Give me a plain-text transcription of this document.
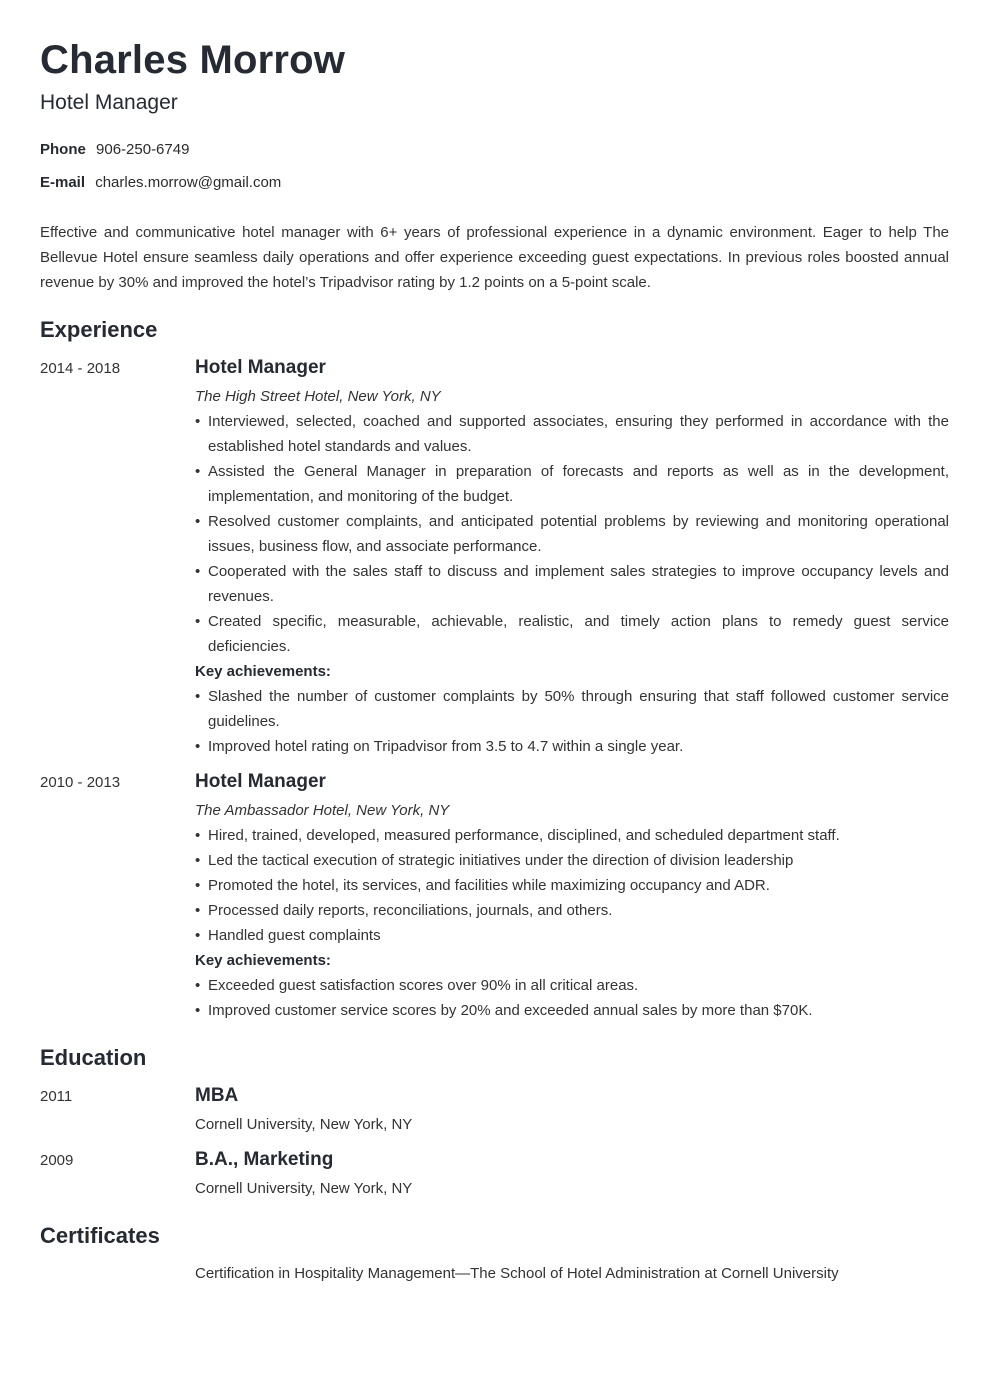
Charles Morrow
Hotel Manager
Phone 906-250-6749
E-mail charles.morrow@gmail.com
Effective and communicative hotel manager with 6+ years of professional experience in a dynamic environment. Eager to help The Bellevue Hotel ensure seamless daily operations and offer experience exceeding guest expectations. In previous roles boosted annual revenue by 30% and improved the hotel’s Tripadvisor rating by 1.2 points on a 5-point scale.
Experience
2014 - 2018	Hotel Manager
The High Street Hotel, New York, NY
• Interviewed, selected, coached and supported associates, ensuring they performed in accordance with the established hotel standards and values.
• Assisted the General Manager in preparation of forecasts and reports as well as in the development, implementation, and monitoring of the budget.
• Resolved customer complaints, and anticipated potential problems by reviewing and monitoring operational issues, business flow, and associate performance.
• Cooperated with the sales staff to discuss and implement sales strategies to improve occupancy levels and revenues.
• Created specific, measurable, achievable, realistic, and timely action plans to remedy guest service deficiencies.
Key achievements:
• Slashed the number of customer complaints by 50% through ensuring that staff followed customer service guidelines.
• Improved hotel rating on Tripadvisor from 3.5 to 4.7 within a single year.
2010 - 2013	Hotel Manager
The Ambassador Hotel, New York, NY
• Hired, trained, developed, measured performance, disciplined, and scheduled department staff.
• Led the tactical execution of strategic initiatives under the direction of division leadership
• Promoted the hotel, its services, and facilities while maximizing occupancy and ADR.
• Processed daily reports, reconciliations, journals, and others.
• Handled guest complaints
Key achievements:
• Exceeded guest satisfaction scores over 90% in all critical areas.
• Improved customer service scores by 20% and exceeded annual sales by more than $70K.
Education
2011	MBA
Cornell University, New York, NY
2009	B.A., Marketing
Cornell University, New York, NY
Certificates
Certification in Hospitality Management—The School of Hotel Administration at Cornell University
